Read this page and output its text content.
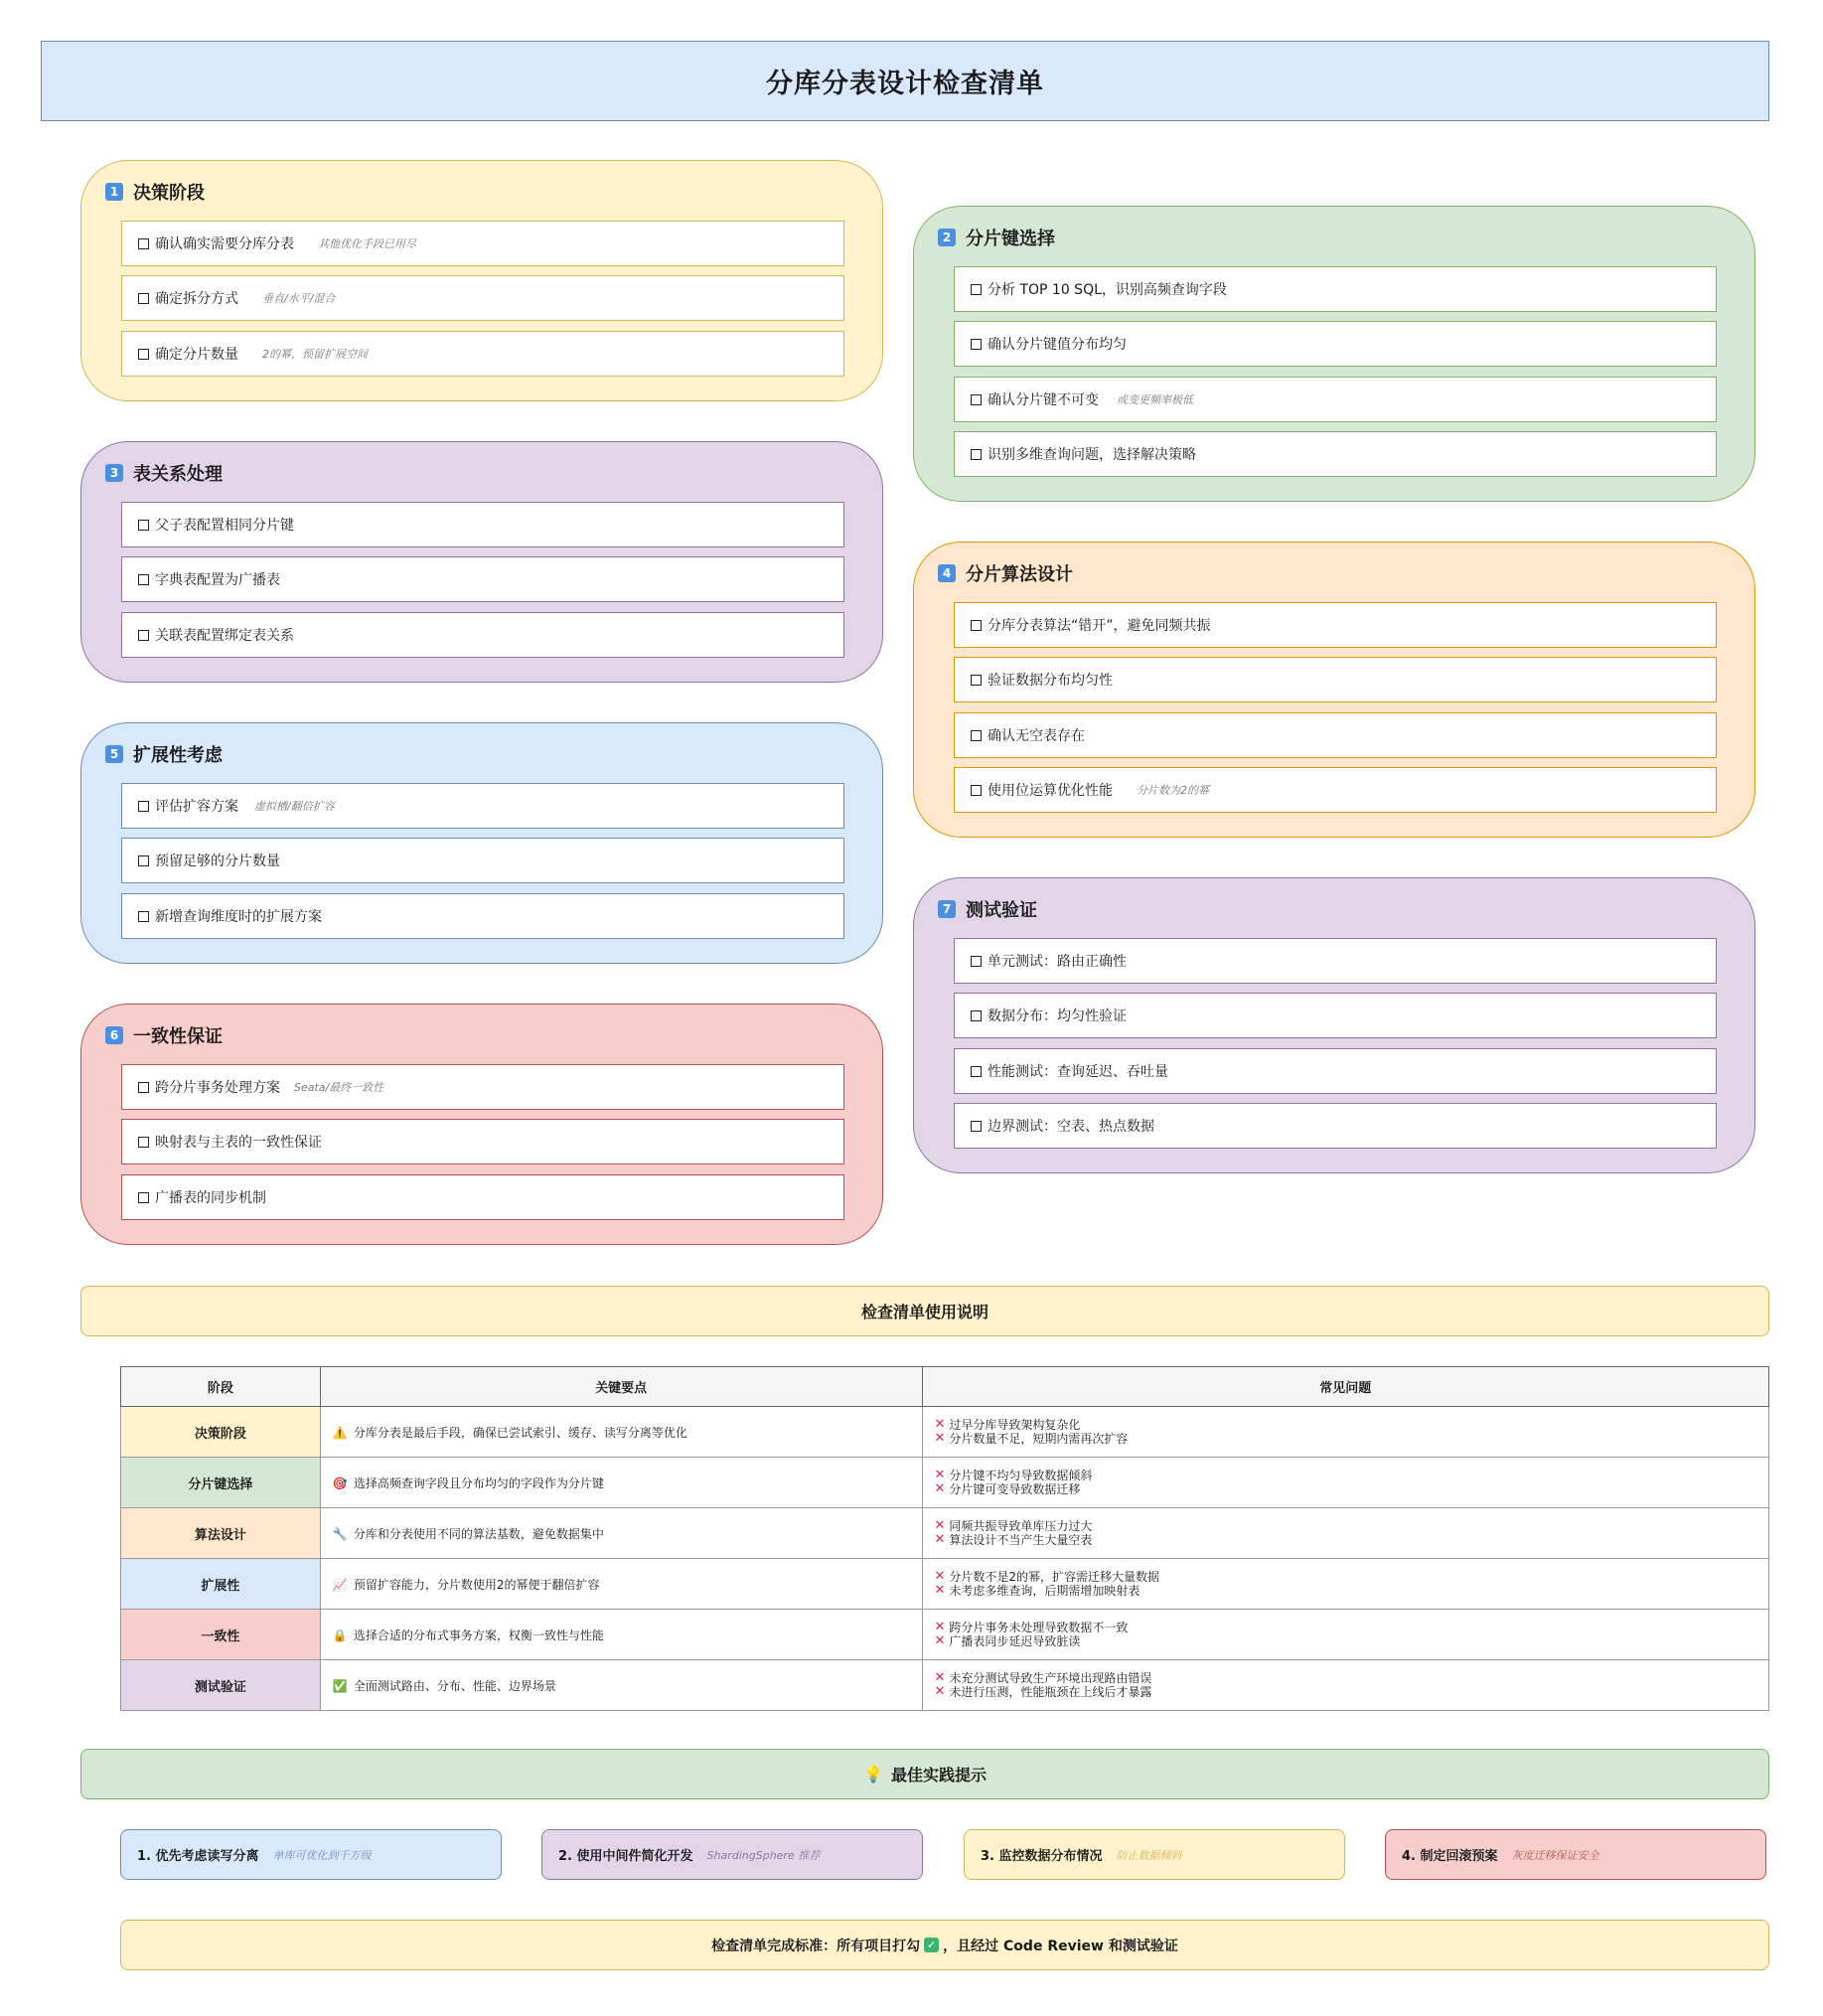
分库分表设计检查清单
1 决策阶段
确认确实需要分库分表 其他优化手段已用尽
确定拆分方式 垂直/水平/混合
确定分片数量 2的幂，预留扩展空间
3 表关系处理
父子表配置相同分片键
字典表配置为广播表
关联表配置绑定表关系
5 扩展性考虑
评估扩容方案 虚拟槽/翻倍扩容
预留足够的分片数量
新增查询维度时的扩展方案
6 一致性保证
跨分片事务处理方案 Seata/最终一致性
映射表与主表的一致性保证
广播表的同步机制
2 分片键选择
分析 TOP 10 SQL，识别高频查询字段
确认分片键值分布均匀
确认分片键不可变 或变更频率极低
识别多维查询问题，选择解决策略
4 分片算法设计
分库分表算法“错开”，避免同频共振
验证数据分布均匀性
确认无空表存在
使用位运算优化性能 分片数为2的幂
7 测试验证
单元测试：路由正确性
数据分布：均匀性验证
性能测试：查询延迟、吞吐量
边界测试：空表、热点数据
检查清单使用说明
阶段	关键要点	常见问题
决策阶段	⚠️ 分库分表是最后手段，确保已尝试索引、缓存、读写分离等优化	✕ 过早分库导致架构复杂化
✕ 分片数量不足，短期内需再次扩容

分片键选择	🎯 选择高频查询字段且分布均匀的字段作为分片键	✕ 分片键不均匀导致数据倾斜
✕ 分片键可变导致数据迁移

算法设计	🔧 分库和分表使用不同的算法基数，避免数据集中	✕ 同频共振导致单库压力过大
✕ 算法设计不当产生大量空表

扩展性	📈 预留扩容能力，分片数使用2的幂便于翻倍扩容	✕ 分片数不是2的幂，扩容需迁移大量数据
✕ 未考虑多维查询，后期需增加映射表

一致性	🔒 选择合适的分布式事务方案，权衡一致性与性能	✕ 跨分片事务未处理导致数据不一致
✕ 广播表同步延迟导致脏读

测试验证	✅ 全面测试路由、分布、性能、边界场景	✕ 未充分测试导致生产环境出现路由错误
✕ 未进行压测，性能瓶颈在上线后才暴露
💡 最佳实践提示
1. 优先考虑读写分离 单库可优化到千万级	2. 使用中间件简化开发 ShardingSphere 推荐	3. 监控数据分布情况 防止数据倾斜	4. 制定回滚预案 灰度迁移保证安全
检查清单完成标准：所有项目打勾 ✓ ，且经过 Code Review 和测试验证
